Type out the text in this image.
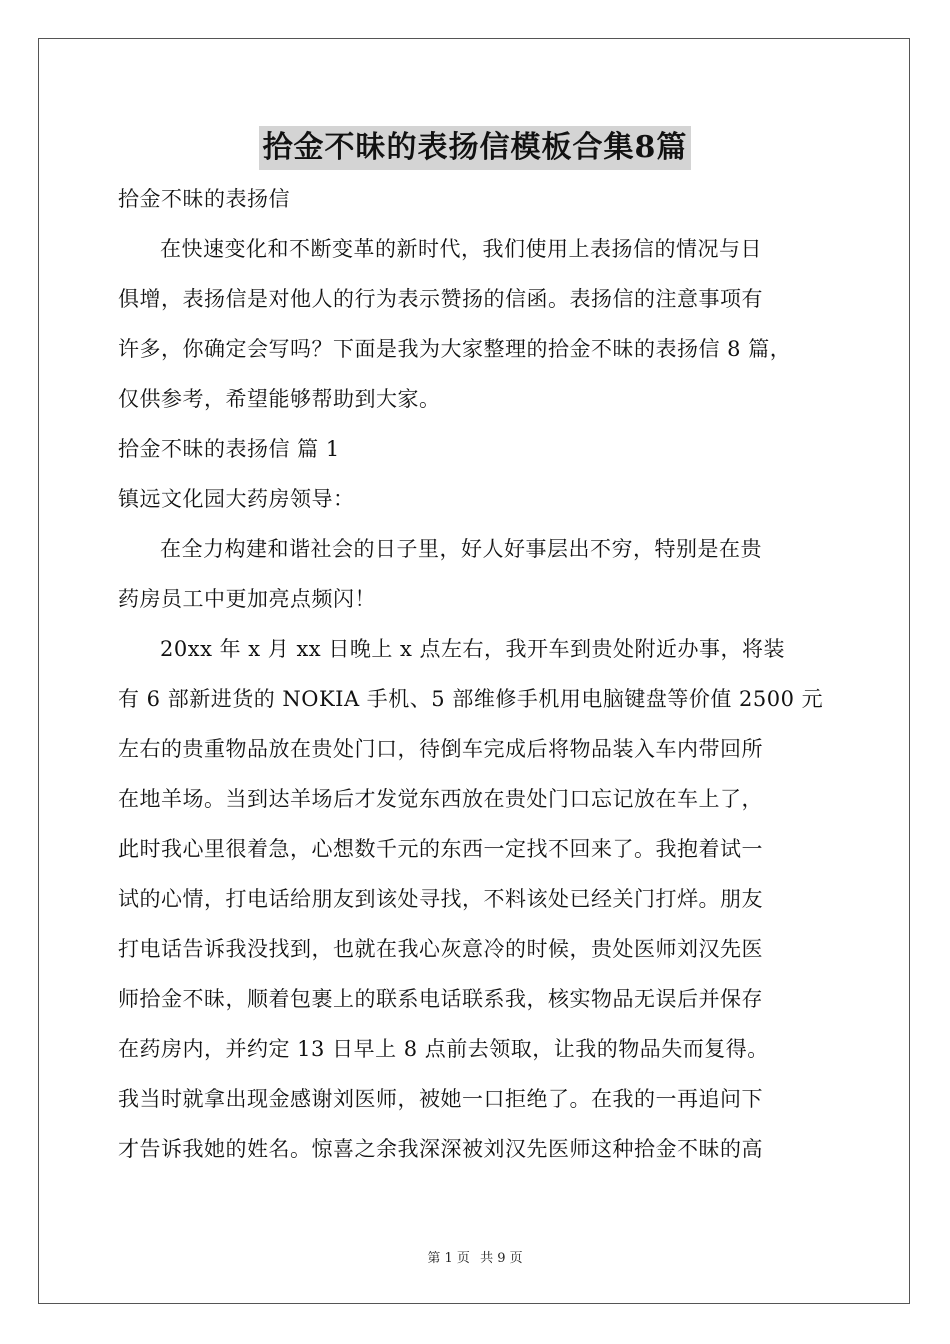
拾金不昧的表扬信模板合集8篇
拾金不昧的表扬信
在快速变化和不断变革的新时代，我们使用上表扬信的情况与日
俱增，表扬信是对他人的行为表示赞扬的信函。表扬信的注意事项有
许多，你确定会写吗？下面是我为大家整理的拾金不昧的表扬信 8 篇，
仅供参考，希望能够帮助到大家。
拾金不昧的表扬信 篇 1
镇远文化园大药房领导：
在全力构建和谐社会的日子里，好人好事层出不穷，特别是在贵
药房员工中更加亮点频闪！
20xx 年 x 月 xx 日晚上 x 点左右，我开车到贵处附近办事，将装
有 6 部新进货的 NOKIA 手机、5 部维修手机用电脑键盘等价值 2500 元
左右的贵重物品放在贵处门口，待倒车完成后将物品装入车内带回所
在地羊场。当到达羊场后才发觉东西放在贵处门口忘记放在车上了，
此时我心里很着急，心想数千元的东西一定找不回来了。我抱着试一
试的心情，打电话给朋友到该处寻找，不料该处已经关门打烊。朋友
打电话告诉我没找到，也就在我心灰意冷的时候，贵处医师刘汉先医
师拾金不昧，顺着包裹上的联系电话联系我，核实物品无误后并保存
在药房内，并约定 13 日早上 8 点前去领取，让我的物品失而复得。
我当时就拿出现金感谢刘医师，被她一口拒绝了。在我的一再追问下
才告诉我她的姓名。惊喜之余我深深被刘汉先医师这种拾金不昧的高
第 1 页 共 9 页
